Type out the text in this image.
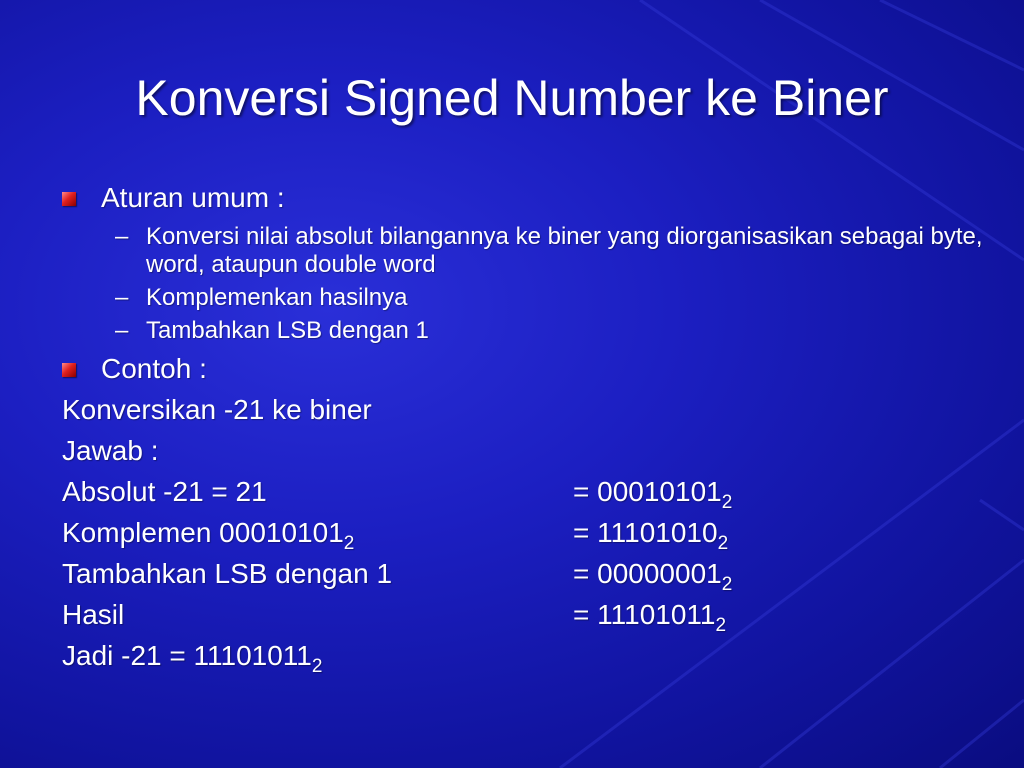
Konversi Signed Number ke Biner
Aturan umum :
– Konversi nilai absolut bilangannya ke biner yang diorganisasikan sebagai byte, word, ataupun double word
– Komplemenkan hasilnya
– Tambahkan LSB dengan 1
Contoh :
Konversikan -21 ke biner
Jawab :
Absolut -21 = 21	= $00010101_2$
Komplemen $00010101_2$	= $11101010_2$
Tambahkan LSB dengan 1	= $00000001_2$
Hasil	= $11101011_2$
Jadi $-21 = 11101011_2$
